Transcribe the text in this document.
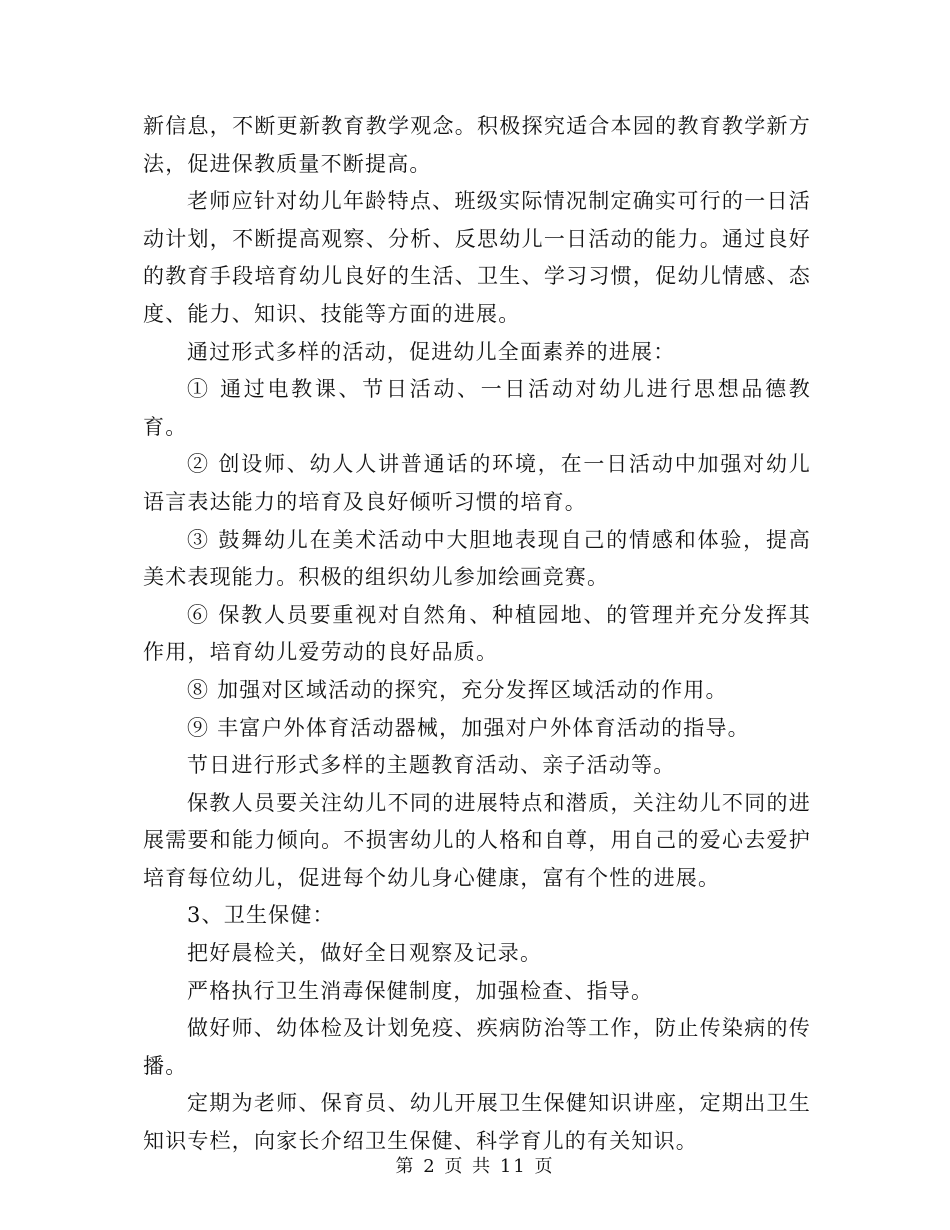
新信息，不断更新教育教学观念。积极探究适合本园的教育教学新方法，促进保教质量不断提高。

老师应针对幼儿年龄特点、班级实际情况制定确实可行的一日活动计划，不断提高观察、分析、反思幼儿一日活动的能力。通过良好的教育手段培育幼儿良好的生活、卫生、学习习惯，促幼儿情感、态度、能力、知识、技能等方面的进展。

通过形式多样的活动，促进幼儿全面素养的进展：

① 通过电教课、节日活动、一日活动对幼儿进行思想品德教育。

② 创设师、幼人人讲普通话的环境，在一日活动中加强对幼儿语言表达能力的培育及良好倾听习惯的培育。

③ 鼓舞幼儿在美术活动中大胆地表现自己的情感和体验，提高美术表现能力。积极的组织幼儿参加绘画竞赛。

⑥ 保教人员要重视对自然角、种植园地、的管理并充分发挥其作用，培育幼儿爱劳动的良好品质。

⑧ 加强对区域活动的探究，充分发挥区域活动的作用。

⑨ 丰富户外体育活动器械，加强对户外体育活动的指导。

节日进行形式多样的主题教育活动、亲子活动等。

保教人员要关注幼儿不同的进展特点和潜质，关注幼儿不同的进展需要和能力倾向。不损害幼儿的人格和自尊，用自己的爱心去爱护培育每位幼儿，促进每个幼儿身心健康，富有个性的进展。

3、卫生保健：

把好晨检关，做好全日观察及记录。

严格执行卫生消毒保健制度，加强检查、指导。

做好师、幼体检及计划免疫、疾病防治等工作，防止传染病的传播。

定期为老师、保育员、幼儿开展卫生保健知识讲座，定期出卫生知识专栏，向家长介绍卫生保健、科学育儿的有关知识。

第 2 页 共 11 页
